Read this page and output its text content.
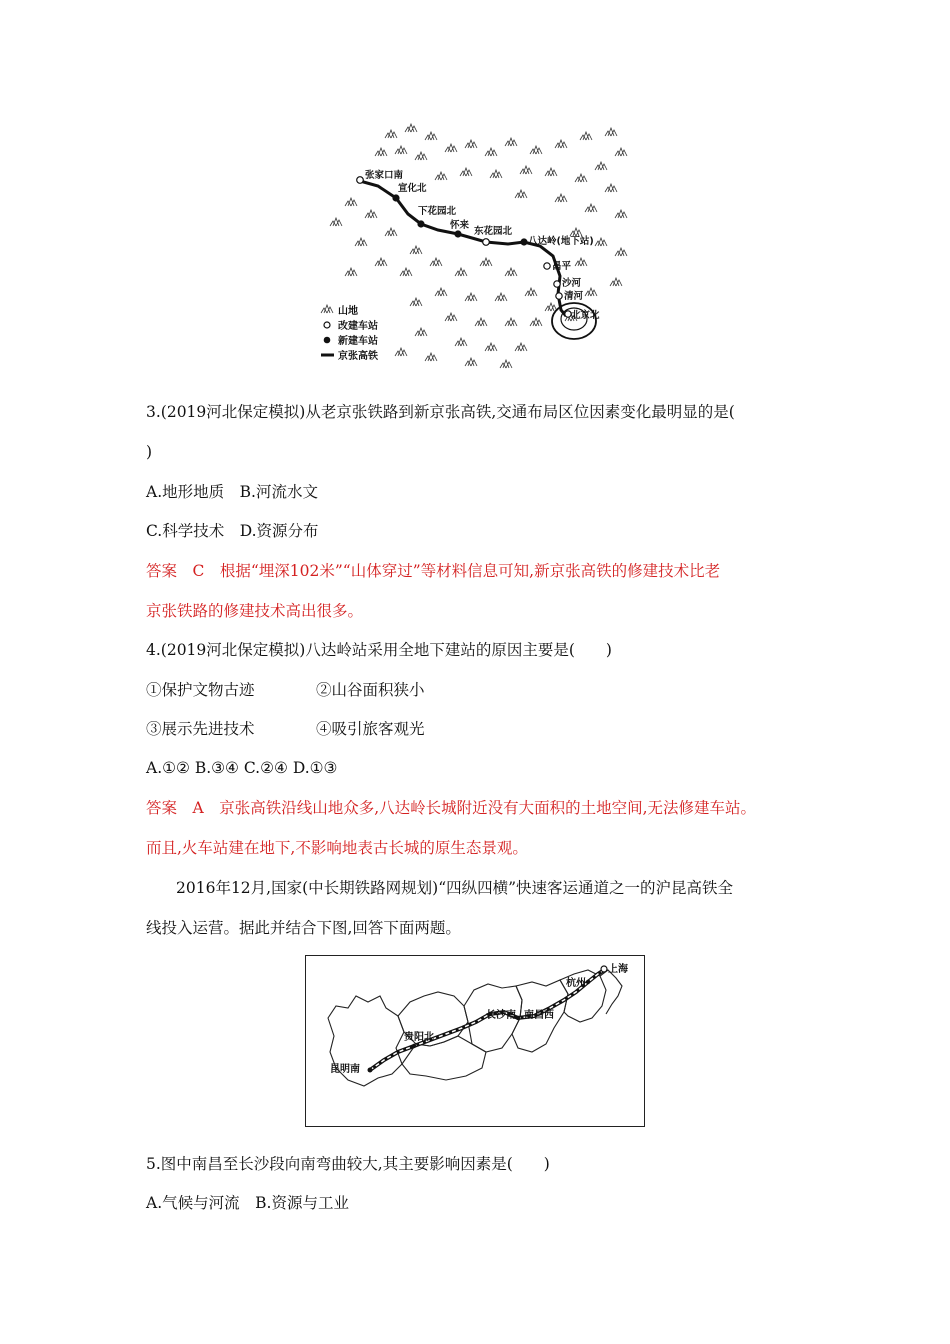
张家口南
宣化北
下花园北
怀来
东花园北
八达岭(地下站)
昌平
沙河
清河
北京北
山地
改建车站
新建车站
京张高铁
3.(2019河北保定模拟)从老京张铁路到新京张高铁,交通布局区位因素变化最明显的是(
)
A.地形地质　B.河流水文
C.科学技术　D.资源分布
答案　C　根据“埋深102米”“山体穿过”等材料信息可知,新京张高铁的修建技术比老
京张铁路的修建技术高出很多。
4.(2019河北保定模拟)八达岭站采用全地下建站的原因主要是(　　)
①保护文物古迹	②山谷面积狭小
③展示先进技术	④吸引旅客观光
A.①② B.③④ C.②④ D.①③
答案　A　京张高铁沿线山地众多,八达岭长城附近没有大面积的土地空间,无法修建车站。
而且,火车站建在地下,不影响地表古长城的原生态景观。
2016年12月,国家(中长期铁路网规划)“四纵四横”快速客运通道之一的沪昆高铁全
线投入运营。据此并结合下图,回答下面两题。
上海
杭州
南昌西
长沙南
贵阳北
昆明南
5.图中南昌至长沙段向南弯曲较大,其主要影响因素是(　　)
A.气候与河流　B.资源与工业
